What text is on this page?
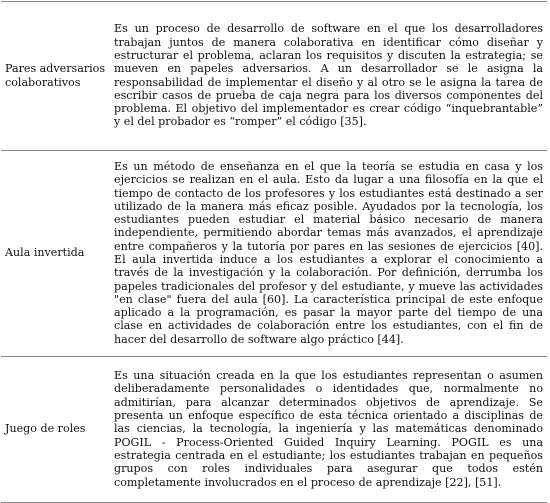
Pares adversarios colaborativos	Es un proceso de desarrollo de software en el que los desarrolladores trabajan juntos de manera colaborativa en identificar cómo diseñar y estructurar el problema, aclaran los requisitos y discuten la estrategia; se mueven en papeles adversarios. A un desarrollador se le asigna la responsabilidad de implementar el diseño y al otro se le asigna la tarea de escribir casos de prueba de caja negra para los diversos componentes del problema. El objetivo del implementador es crear código “inquebrantable” y el del probador es “romper” el código [35].

Aula invertida	Es un método de enseñanza en el que la teoría se estudia en casa y los ejercicios se realizan en el aula. Esto da lugar a una filosofía en la que el tiempo de contacto de los profesores y los estudiantes está destinado a ser utilizado de la manera más eficaz posible. Ayudados por la tecnología, los estudiantes pueden estudiar el material básico necesario de manera independiente, permitiendo abordar temas más avanzados, el aprendizaje entre compañeros y la tutoría por pares en las sesiones de ejercicios [40]. El aula invertida induce a los estudiantes a explorar el conocimiento a través de la investigación y la colaboración. Por definición, derrumba los papeles tradicionales del profesor y del estudiante, y mueve las actividades "en clase" fuera del aula [60]. La característica principal de este enfoque aplicado a la programación, es pasar la mayor parte del tiempo de una clase en actividades de colaboración entre los estudiantes, con el fin de hacer del desarrollo de software algo práctico [44].

Juego de roles	Es una situación creada en la que los estudiantes representan o asumen deliberadamente personalidades o identidades que, normalmente no admitirían, para alcanzar determinados objetivos de aprendizaje. Se presenta un enfoque específico de esta técnica orientado a disciplinas de las ciencias, la tecnología, la ingeniería y las matemáticas denominado POGIL - Process-Oriented Guided Inquiry Learning. POGIL es una estrategia centrada en el estudiante; los estudiantes trabajan en pequeños grupos con roles individuales para asegurar que todos estén completamente involucrados en el proceso de aprendizaje [22], [51].
